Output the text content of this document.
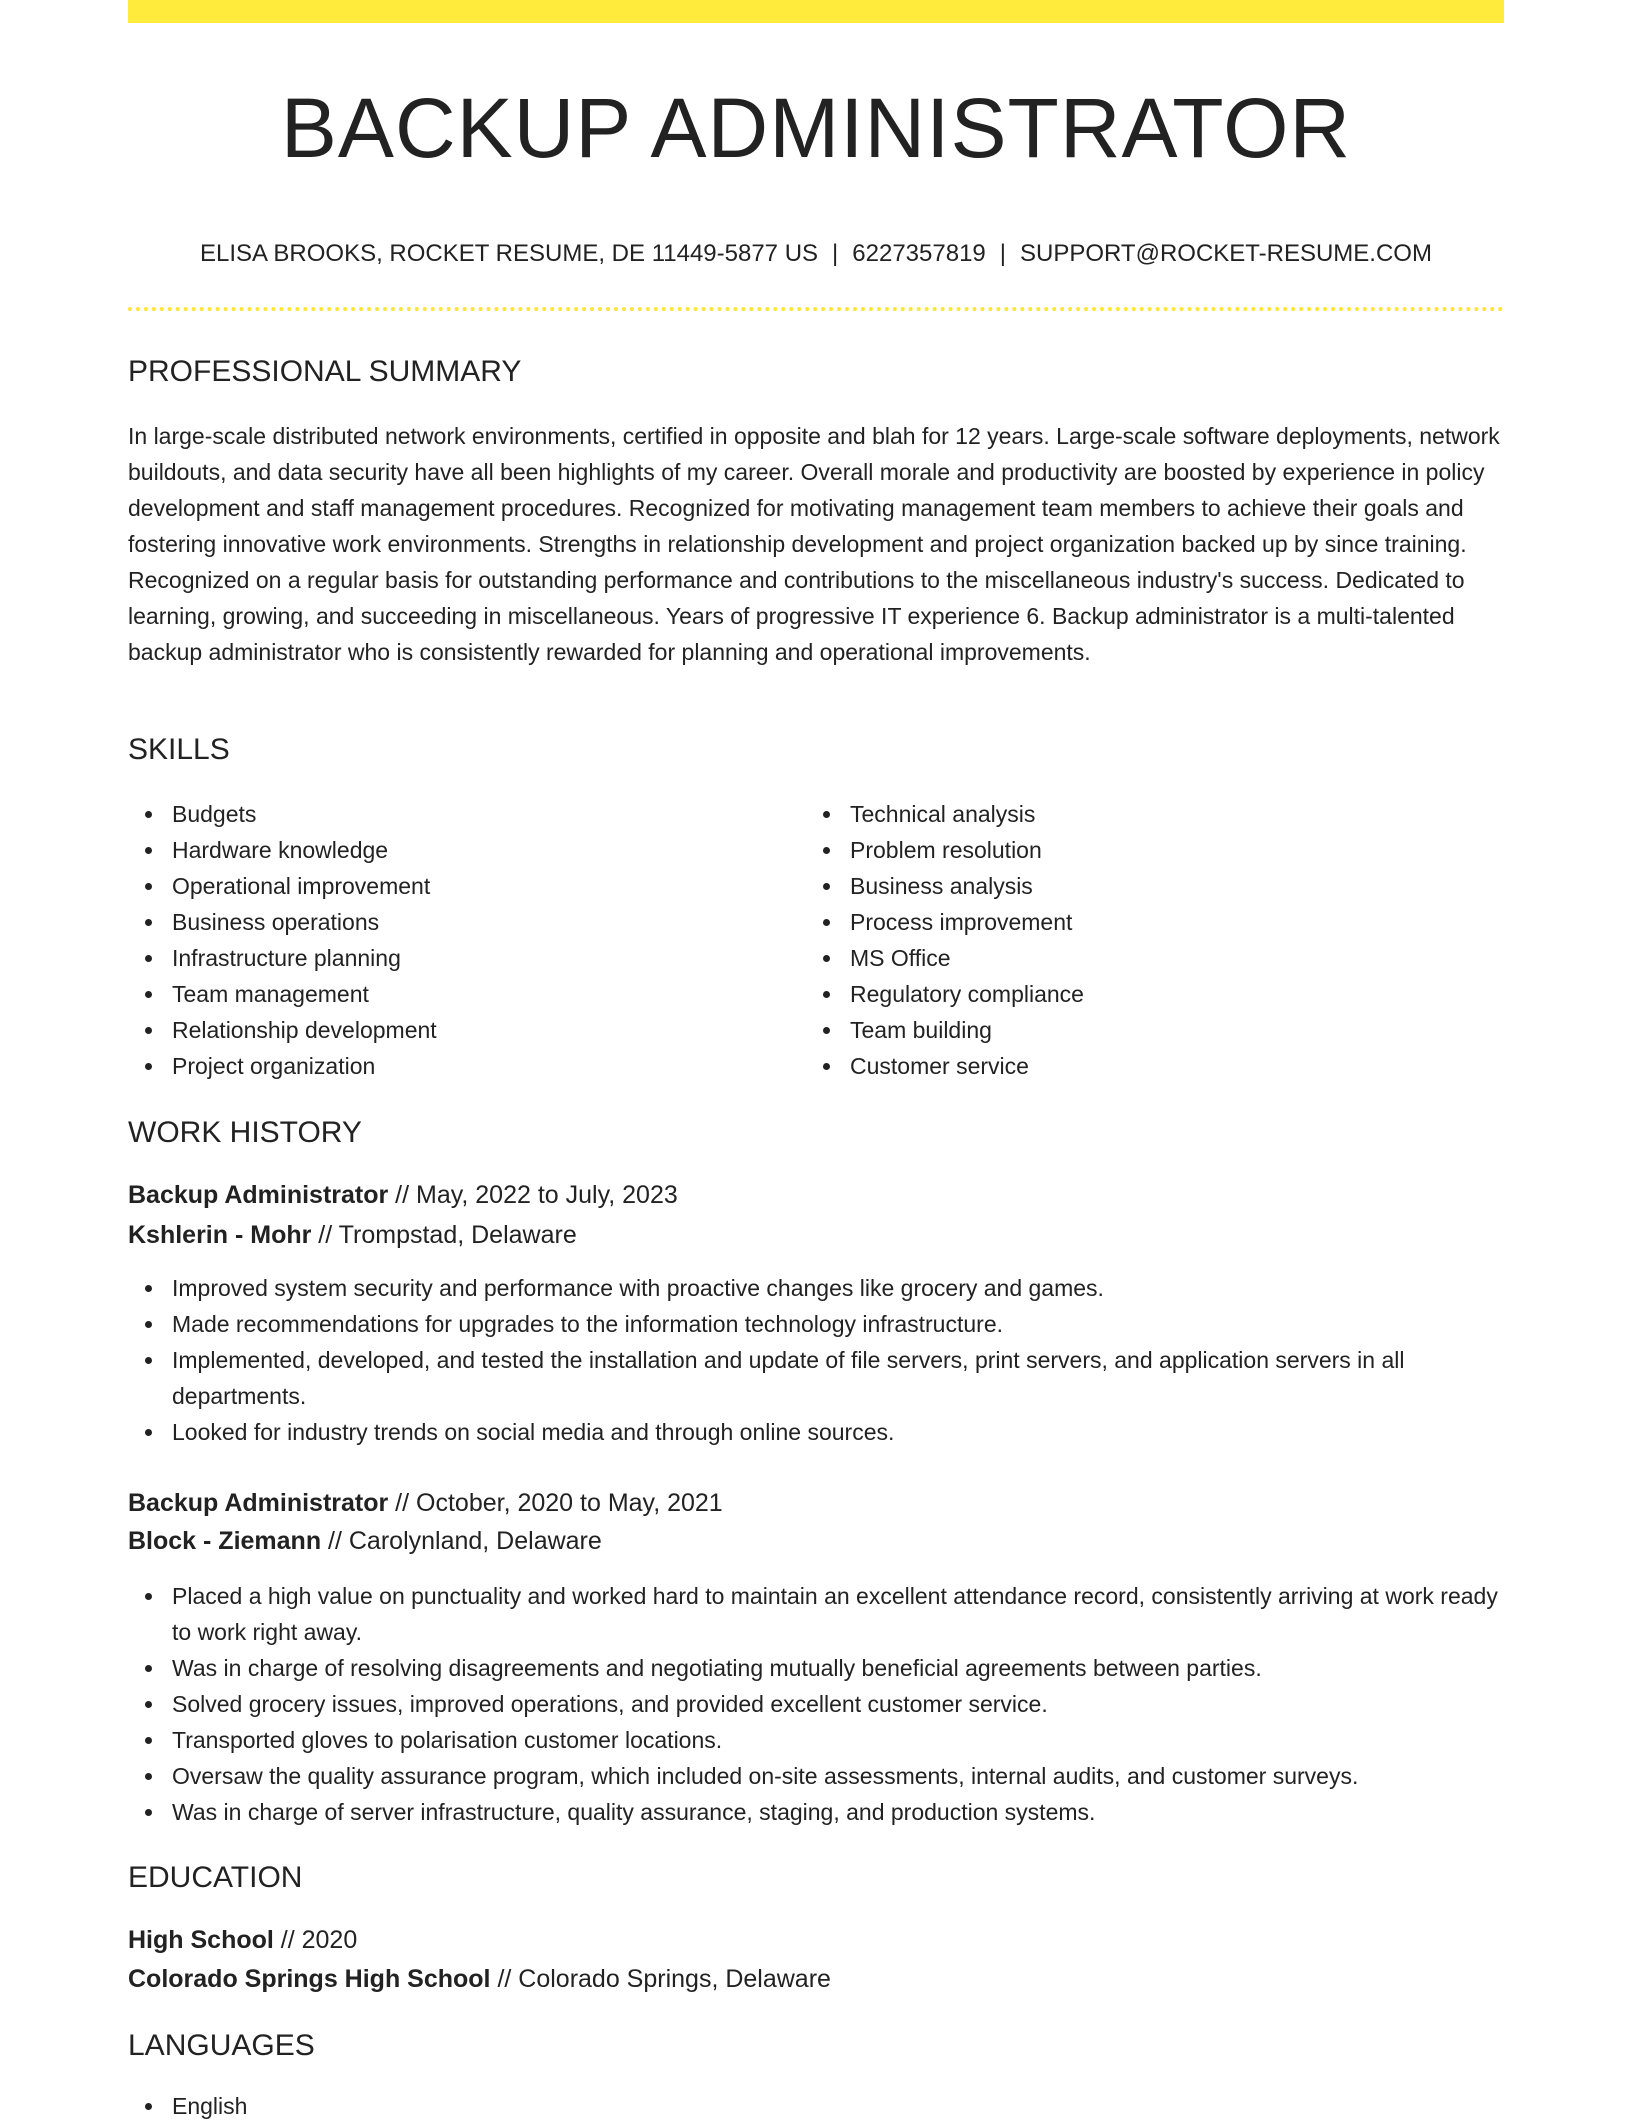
BACKUP ADMINISTRATOR
ELISA BROOKS, ROCKET RESUME, DE 11449-5877 US | 6227357819 | SUPPORT@ROCKET-RESUME.COM
PROFESSIONAL SUMMARY

In large-scale distributed network environments, certified in opposite and blah for 12 years. Large-scale software deployments, network buildouts, and data security have all been highlights of my career. Overall morale and productivity are boosted by experience in policy development and staff management procedures. Recognized for motivating management team members to achieve their goals and fostering innovative work environments. Strengths in relationship development and project organization backed up by since training. Recognized on a regular basis for outstanding performance and contributions to the miscellaneous industry's success. Dedicated to learning, growing, and succeeding in miscellaneous. Years of progressive IT experience 6. Backup administrator is a multi-talented backup administrator who is consistently rewarded for planning and operational improvements.

SKILLS
Budgets
Hardware knowledge
Operational improvement
Business operations
Infrastructure planning
Team management
Relationship development
Project organization
Technical analysis
Problem resolution
Business analysis
Process improvement
MS Office
Regulatory compliance
Team building
Customer service
WORK HISTORY
Backup Administrator // May, 2022 to July, 2023
Kshlerin - Mohr // Trompstad, Delaware
Improved system security and performance with proactive changes like grocery and games.
Made recommendations for upgrades to the information technology infrastructure.
Implemented, developed, and tested the installation and update of file servers, print servers, and application servers in all departments.
Looked for industry trends on social media and through online sources.
Backup Administrator // October, 2020 to May, 2021
Block - Ziemann // Carolynland, Delaware
Placed a high value on punctuality and worked hard to maintain an excellent attendance record, consistently arriving at work ready to work right away.
Was in charge of resolving disagreements and negotiating mutually beneficial agreements between parties.
Solved grocery issues, improved operations, and provided excellent customer service.
Transported gloves to polarisation customer locations.
Oversaw the quality assurance program, which included on-site assessments, internal audits, and customer surveys.
Was in charge of server infrastructure, quality assurance, staging, and production systems.
EDUCATION
High School // 2020
Colorado Springs High School // Colorado Springs, Delaware
LANGUAGES
English
